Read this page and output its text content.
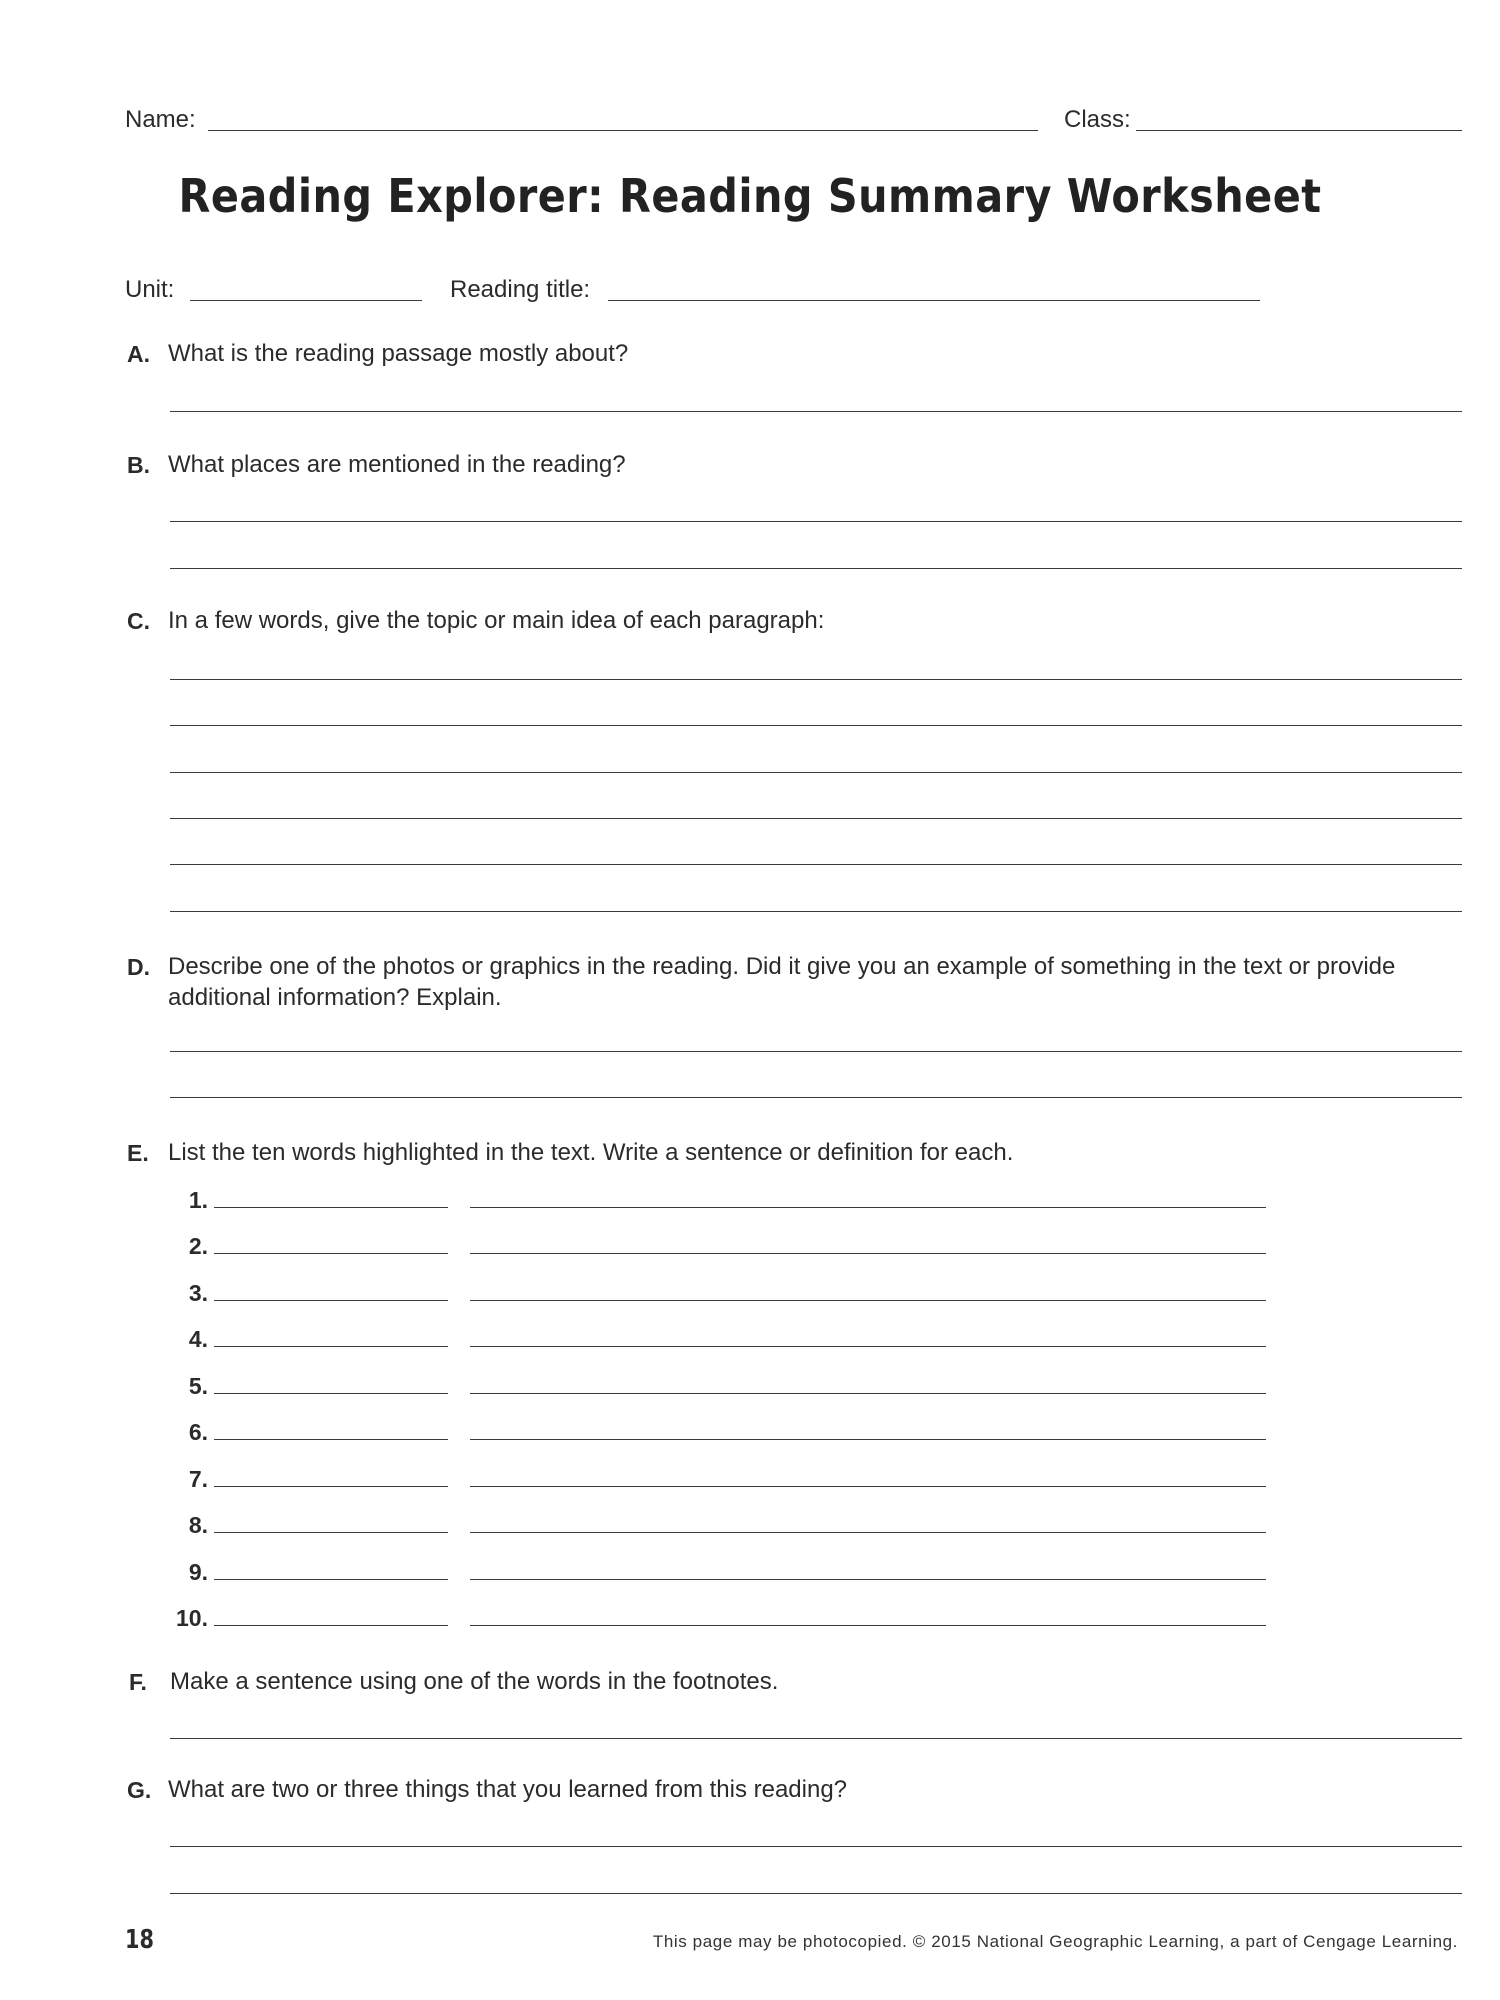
Name:	Class:
Reading Explorer: Reading Summary Worksheet
Unit:	Reading title:
A. What is the reading passage mostly about?
B. What places are mentioned in the reading?
C. In a few words, give the topic or main idea of each paragraph:
D. Describe one of the photos or graphics in the reading. Did it give you an example of something in the text or provide additional information? Explain.
E. List the ten words highlighted in the text. Write a sentence or definition for each.
1.
2.
3.
4.
5.
6.
7.
8.
9.
10.
F. Make a sentence using one of the words in the footnotes.
G. What are two or three things that you learned from this reading?
18	This page may be photocopied. © 2015 National Geographic Learning, a part of Cengage Learning.
